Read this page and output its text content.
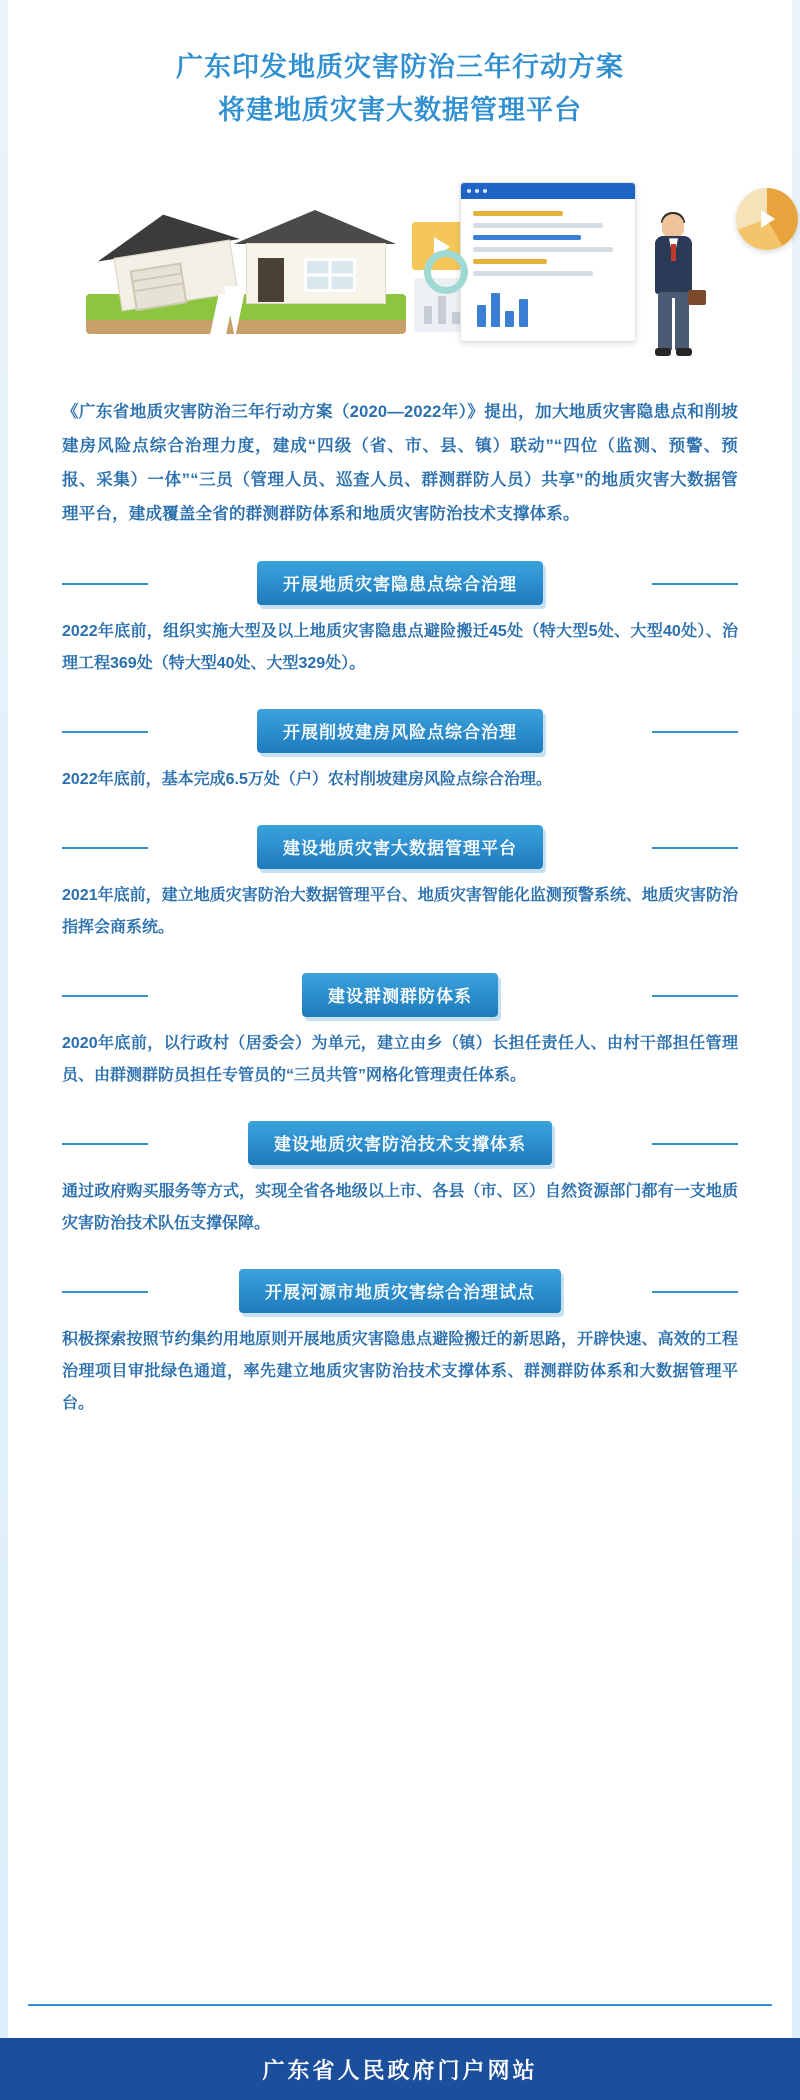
广东印发地质灾害防治三年行动方案
将建地质灾害大数据管理平台
《广东省地质灾害防治三年行动方案（2020—2022年）》提出，加大地质灾害隐患点和削坡建房风险点综合治理力度，建成“四级（省、市、县、镇）联动”“四位（监测、预警、预报、采集）一体”“三员（管理人员、巡查人员、群测群防人员）共享”的地质灾害大数据管理平台，建成覆盖全省的群测群防体系和地质灾害防治技术支撑体系。
开展地质灾害隐患点综合治理
2022年底前，组织实施大型及以上地质灾害隐患点避险搬迁45处（特大型5处、大型40处）、治理工程369处（特大型40处、大型329处）。
开展削坡建房风险点综合治理
2022年底前，基本完成6.5万处（户）农村削坡建房风险点综合治理。
建设地质灾害大数据管理平台
2021年底前，建立地质灾害防治大数据管理平台、地质灾害智能化监测预警系统、地质灾害防治指挥会商系统。
建设群测群防体系
2020年底前，以行政村（居委会）为单元，建立由乡（镇）长担任责任人、由村干部担任管理员、由群测群防员担任专管员的“三员共管”网格化管理责任体系。
建设地质灾害防治技术支撑体系
通过政府购买服务等方式，实现全省各地级以上市、各县（市、区）自然资源部门都有一支地质灾害防治技术队伍支撑保障。
开展河源市地质灾害综合治理试点
积极探索按照节约集约用地原则开展地质灾害隐患点避险搬迁的新思路，开辟快速、高效的工程治理项目审批绿色通道，率先建立地质灾害防治技术支撑体系、群测群防体系和大数据管理平台。
广东省人民政府门户网站
